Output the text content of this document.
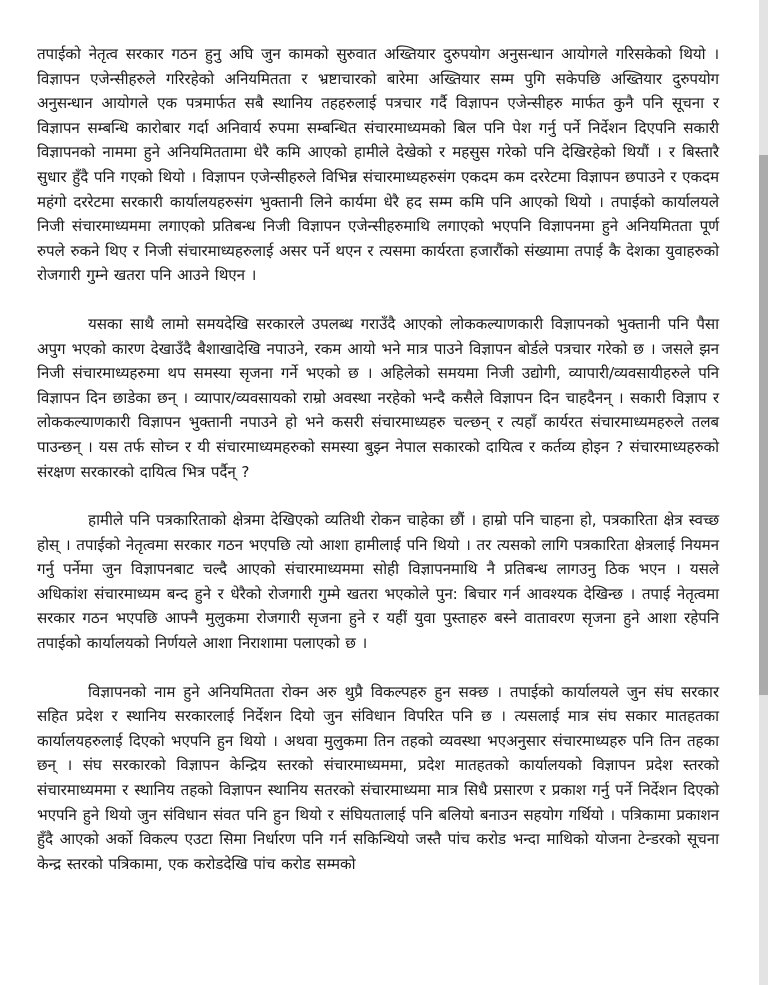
तपाईको नेतृत्व सरकार गठन हुनु अघि जुन कामको सुरुवात अख्तियार दुरुपयोग अनुसन्धान आयोगले गरिसकेको थियो । विज्ञापन एजेन्सीहरुले गरिरहेको अनियमितता र भ्रष्टाचारको बारेमा अख्तियार सम्म पुगि सकेपछि अख्तियार दुरुपयोग अनुसन्धान आयोगले एक पत्रमार्फत सबै स्थानिय तहहरुलाई पत्रचार गर्दै विज्ञापन एजेन्सीहरु मार्फत कुनै पनि सूचना र विज्ञापन सम्बन्धि कारोबार गर्दा अनिवार्य रुपमा सम्बन्धित संचारमाध्यमको बिल पनि पेश गर्नु पर्ने निर्देशन दिएपनि सकारी विज्ञापनको नाममा हुने अनियमिततामा धेरै कमि आएको हामीले देखेको र महसुस गरेको पनि देखिरहेको थियौं । र बिस्तारै सुधार हुँदै पनि गएको थियो । विज्ञापन एजेन्सीहरुले विभिन्न संचारमाध्यहरुसंग एकदम कम दररेटमा विज्ञापन छपाउने र एकदम महंगो दररेटमा सरकारी कार्यालयहरुसंग भुक्तानी लिने कार्यमा धेरै हद सम्म कमि पनि आएको थियो । तपाईको कार्यालयले निजी संचारमाध्यममा लगाएको प्रतिबन्ध निजी विज्ञापन एजेन्सीहरुमाथि लगाएको भएपनि विज्ञापनमा हुने अनियमितता पूर्ण रुपले रुकने थिए र निजी संचारमाध्यहरुलाई असर पर्ने थएन र त्यसमा कार्यरता हजारौंको संख्यामा तपाई कै देशका युवाहरुको रोजगारी गुम्ने खतरा पनि आउने थिएन ।

यसका साथै लामो समयदेखि सरकारले उपलब्ध गराउँदै आएको लोककल्याणकारी विज्ञापनको भुक्तानी पनि पैसा अपुग भएको कारण देखाउँदै बैशाखादेखि नपाउने, रकम आयो भने मात्र पाउने विज्ञापन बोर्डले पत्रचार गरेको छ । जसले झन निजी संचारमाध्यहरुमा थप समस्या सृजना गर्ने भएको छ । अहिलेको समयमा निजी उद्योगी, व्यापारी/व्यवसायीहरुले पनि विज्ञापन दिन छाडेका छन् । व्यापार/व्यवसायको राम्रो अवस्था नरहेको भन्दै कसैले विज्ञापन दिन चाहदैनन् । सकारी विज्ञाप र लोककल्याणकारी विज्ञापन भुक्तानी नपाउने हो भने कसरी संचारमाध्यहरु चल्छन् र त्यहाँ कार्यरत संचारमाध्यमहरुले तलब पाउन्छन् । यस तर्फ सोच्न र यी संचारमाध्यमहरुको समस्या बुझ्न नेपाल सकारको दायित्व र कर्तव्य होइन ? संचारमाध्यहरुको संरक्षण सरकारको दायित्व भित्र पर्दैन् ?

हामीले पनि पत्रकारिताको क्षेत्रमा देखिएको व्यतिथी रोकन चाहेका छौं । हाम्रो पनि चाहना हो, पत्रकारिता क्षेत्र स्वच्छ होस् । तपाईको नेतृत्वमा सरकार गठन भएपछि त्यो आशा हामीलाई पनि थियो । तर त्यसको लागि पत्रकारिता क्षेत्रलाई नियमन गर्नु पर्नेमा जुन विज्ञापनबाट चल्दै आएको संचारमाध्यममा सोही विज्ञापनमाथि नै प्रतिबन्ध लागउनु ठिक भएन । यसले अधिकांश संचारमाध्यम बन्द हुने र धेरैको रोजगारी गुम्मे खतरा भएकोले पुन: बिचार गर्न आवश्यक देखिन्छ । तपाई नेतृत्वमा सरकार गठन भएपछि आफ्नै मुलुकमा रोजगारी सृजना हुने र यहीं युवा पुस्ताहरु बस्ने वातावरण सृजना हुने आशा रहेपनि तपाईको कार्यालयको निर्णयले आशा निराशामा पलाएको छ ।

विज्ञापनको नाम हुने अनियमितता रोक्न अरु थुप्रै विकल्पहरु हुन सक्छ । तपाईको कार्यालयले जुन संघ सरकार सहित प्रदेश र स्थानिय सरकारलाई निर्देशन दियो जुन संविधान विपरित पनि छ । त्यसलाई मात्र संघ सकार मातहतका कार्यालयहरुलाई दिएको भएपनि हुन थियो । अथवा मुलुकमा तिन तहको व्यवस्था भएअनुसार संचारमाध्यहरु पनि तिन तहका छन् । संघ सरकारको विज्ञापन केन्द्रिय स्तरको संचारमाध्यममा, प्रदेश मातहतको कार्यालयको विज्ञापन प्रदेश स्तरको संचारमाध्यममा र स्थानिय तहको विज्ञापन स्थानिय सतरको संचारमाध्यमा मात्र सिधै प्रसारण र प्रकाश गर्नु पर्ने निर्देशन दिएको भएपनि हुने थियो जुन संविधान संवत पनि हुन थियो र संघियतालाई पनि बलियो बनाउन सहयोग गर्थियो । पत्रिकामा प्रकाशन हुँदै आएको अर्को विकल्प एउटा सिमा निर्धारण पनि गर्न सकिन्थियो जस्तै पांच करोड भन्दा माथिको योजना टेन्डरको सूचना केन्द्र स्तरको पत्रिकामा, एक करोडदेखि पांच करोड सम्मको
